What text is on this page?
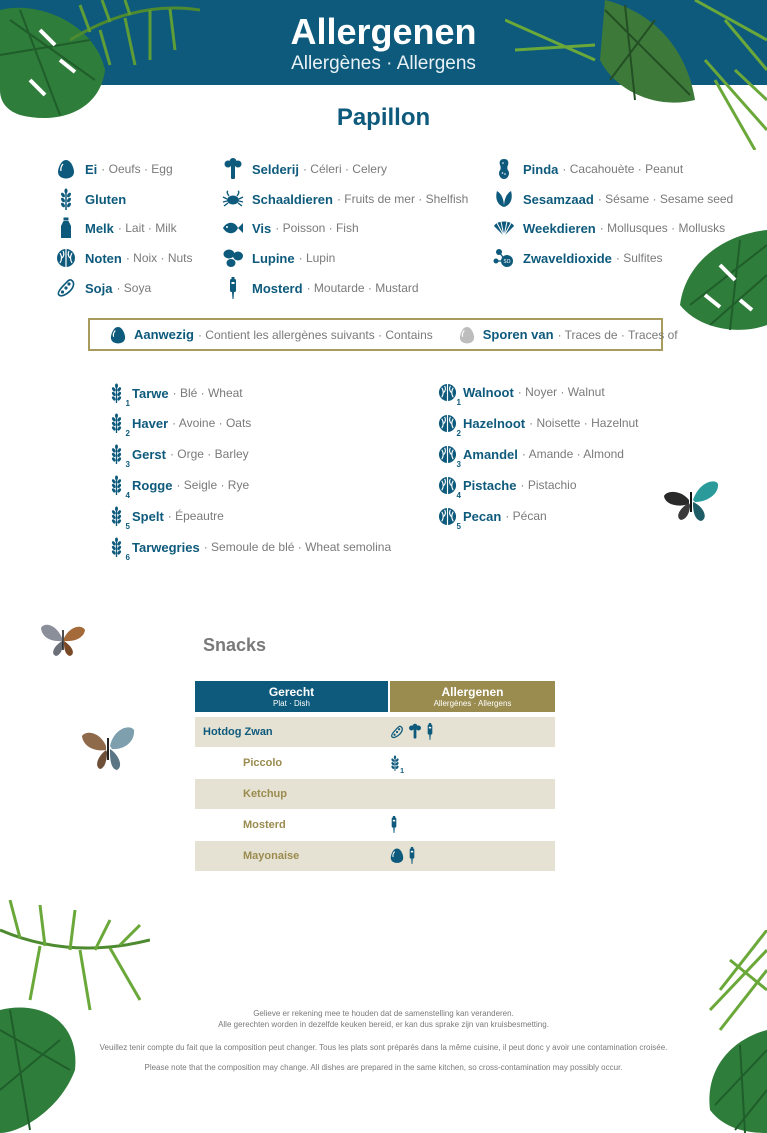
Allergenen
Allergènes · Allergens
Papillon
Ei · Oeufs · Egg
Gluten
Melk · Lait · Milk
Noten · Noix · Nuts
Soja · Soya
Selderij · Céleri · Celery
Schaaldieren · Fruits de mer · Shelfish
Vis · Poisson · Fish
Lupine · Lupin
Mosterd · Moutarde · Mustard
Pinda · Cacahouète · Peanut
Sesamzaad · Sésame · Sesame seed
Weekdieren · Mollusques · Mollusks
SO Zwaveldioxide · Sulfites
Aanwezig · Contient les allergènes suivants · Contains	Sporen van · Traces de · Traces of
$_1$
Tarwe · Blé · Wheat
$_2$
Haver · Avoine · Oats
$_3$
Gerst · Orge · Barley
$_4$
Rogge · Seigle · Rye
$_5$
Spelt · Épeautre
$_6$
Tarwegries · Semoule de blé · Wheat semolina
$_1$
Walnoot · Noyer · Walnut
$_2$
Hazelnoot · Noisette · Hazelnut
$_3$
Amandel · Amande · Almond
$_4$
Pistache · Pistachio
$_5$
Pecan · Pécan
Snacks
Gerecht
Plat · Dish
Allergenen
Allergènes · Allergens
Hotdog Zwan
Piccolo
$_1$
Ketchup
Mosterd
Mayonaise
Gelieve er rekening mee te houden dat de samenstelling kan veranderen.
Alle gerechten worden in dezelfde keuken bereid, er kan dus sprake zijn van kruisbesmetting.
Veuillez tenir compte du fait que la composition peut changer. Tous les plats sont préparés dans la même cuisine, il peut donc y avoir une contamination croisée.
Please note that the composition may change. All dishes are prepared in the same kitchen, so cross-contamination may possibly occur.
